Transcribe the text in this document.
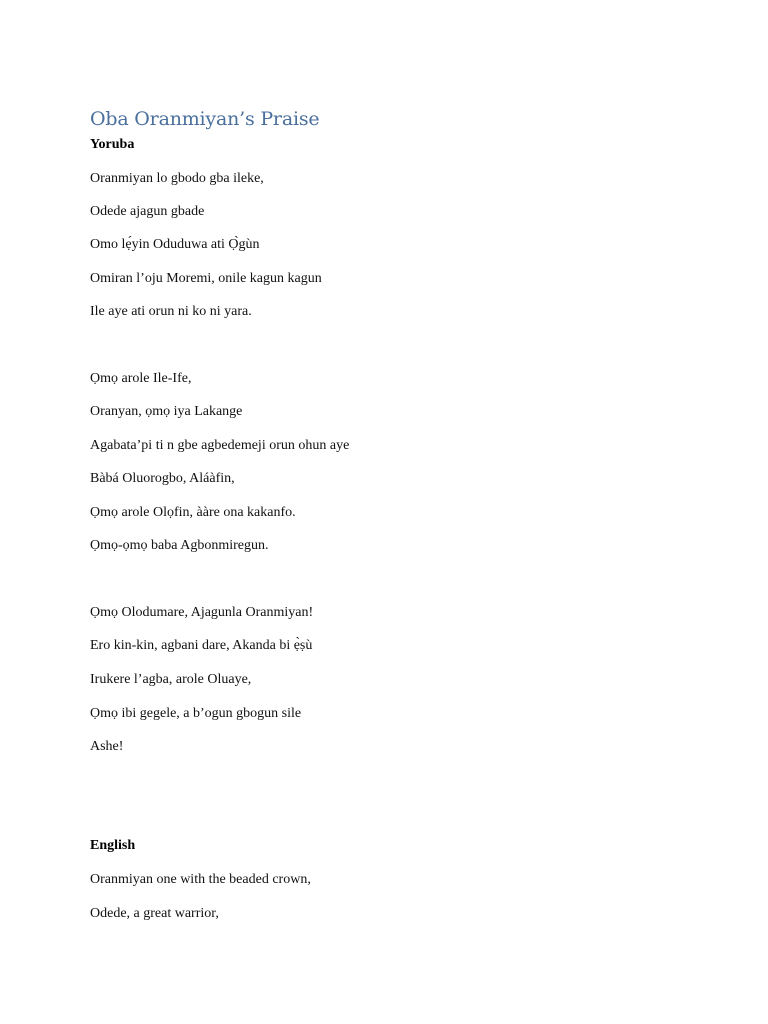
Oba Oranmiyan’s Praise
Yoruba
Oranmiyan lo gbodo gba ileke,
Odede ajagun gbade
Omo lẹ́yin Oduduwa ati Ọ̀gùn
Omiran l’oju Moremi, onile kagun kagun
Ile aye ati orun ni ko ni yara.
Ọmọ arole Ile-Ife,
Oranyan, ọmọ iya Lakange
Agabata’pi ti n gbe agbedemeji orun ohun aye
Bàbá Oluorogbo, Aláàfin,
Ọmọ arole Olọfin, ààre ona kakanfo.
Ọmọ-ọmọ baba Agbonmiregun.
Ọmọ Olodumare, Ajagunla Oranmiyan!
Ero kin-kin, agbani dare, Akanda bi ẹ̀ṣù
Irukere l’agba, arole Oluaye,
Ọmọ ibi gegele, a b’ogun gbogun sile
Ashe!
English
Oranmiyan one with the beaded crown,
Odede, a great warrior,
